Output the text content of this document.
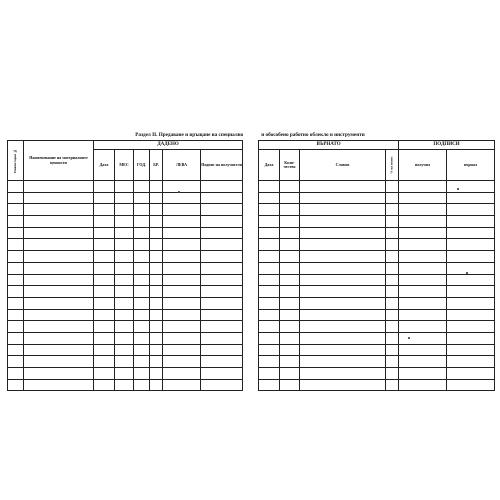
Раздел II. Предаване и връщане на специално	и обособено работно облекло и инструменти
Инвентарен №	Наименование на материалните ценности	ДАДЕНО					
		Дата	МЕС	ГОД.	БР.	ЛЕВА	Подпис на получателя

ВЪРНАТО				ПОДПИСИ	
Дата	Коли-чество	Словом	% на износ	получил	върнал
